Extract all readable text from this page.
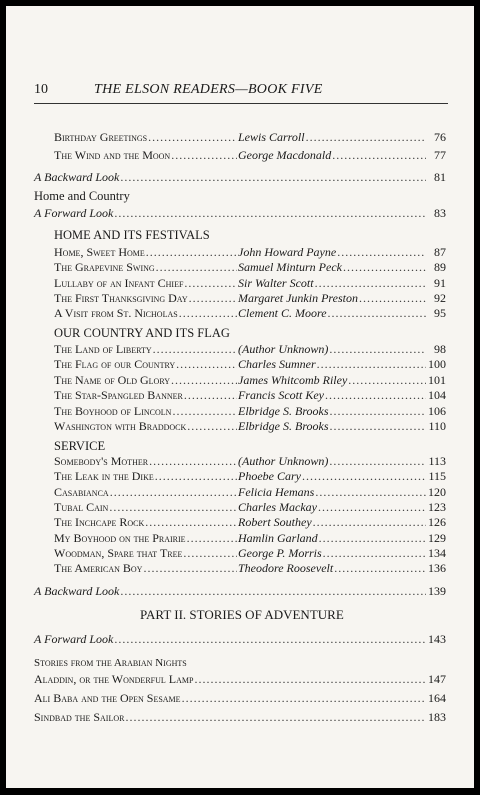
10	THE ELSON READERS—BOOK FIVE
Birthday Greetings .....	Lewis Carroll .....	76
The Wind and the Moon .....	George Macdonald .....	77
A Backward Look .....	81
Home and Country
A Forward Look .....	83
HOME AND ITS FESTIVALS
Home, Sweet Home .....	John Howard Payne .....	87
The Grapevine Swing .....	Samuel Minturn Peck .....	89
Lullaby of an Infant Chief .....	Sir Walter Scott .....	91
The First Thanksgiving Day .....	Margaret Junkin Preston .....	92
A Visit from St. Nicholas .....	Clement C. Moore .....	95
OUR COUNTRY AND ITS FLAG
The Land of Liberty .....	(Author Unknown) .....	98
The Flag of our Country .....	Charles Sumner .....	100
The Name of Old Glory .....	James Whitcomb Riley .....	101
The Star-Spangled Banner .....	Francis Scott Key .....	104
The Boyhood of Lincoln .....	Elbridge S. Brooks .....	106
Washington with Braddock .....	Elbridge S. Brooks .....	110
SERVICE
Somebody's Mother .....	(Author Unknown) .....	113
The Leak in the Dike .....	Phoebe Cary .....	115
Casabianca .....	Felicia Hemans .....	120
Tubal Cain .....	Charles Mackay .....	123
The Inchcape Rock .....	Robert Southey .....	126
My Boyhood on the Prairie .....	Hamlin Garland .....	129
Woodman, Spare that Tree .....	George P. Morris .....	134
The American Boy .....	Theodore Roosevelt .....	136
A Backward Look .....	139
PART II. STORIES OF ADVENTURE
A Forward Look .....	143
Stories from the Arabian Nights
Aladdin, or the Wonderful Lamp .....	147
Ali Baba and the Open Sesame .....	164
Sindbad the Sailor .....	183
